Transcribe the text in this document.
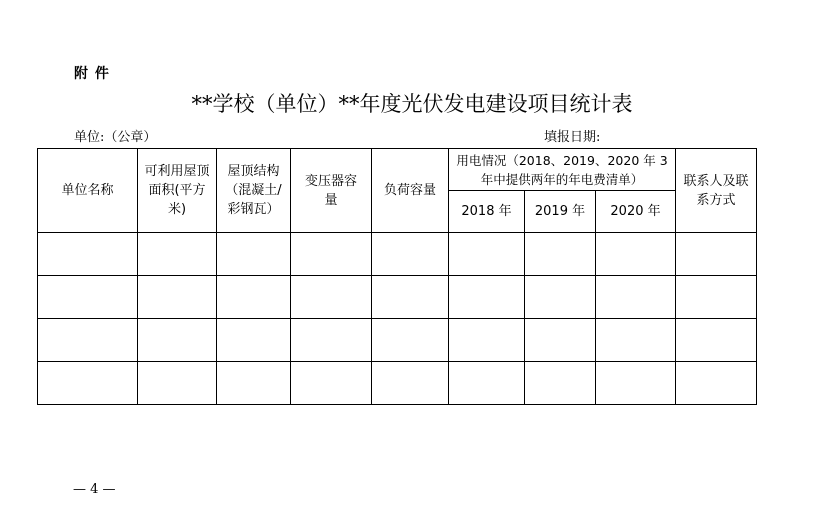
附 件
**学校（单位）**年度光伏发电建设项目统计表
单位:（公章）	填报日期:
单位名称	可利用屋顶面积(平方米)	屋顶结构（混凝土/彩钢瓦）	变压器容量	负荷容量	用电情况（2018、2019、2020 年 3 年中提供两年的年电费清单）			联系人及联系方式
					2018 年	2019 年	2020 年	

— 4 —
